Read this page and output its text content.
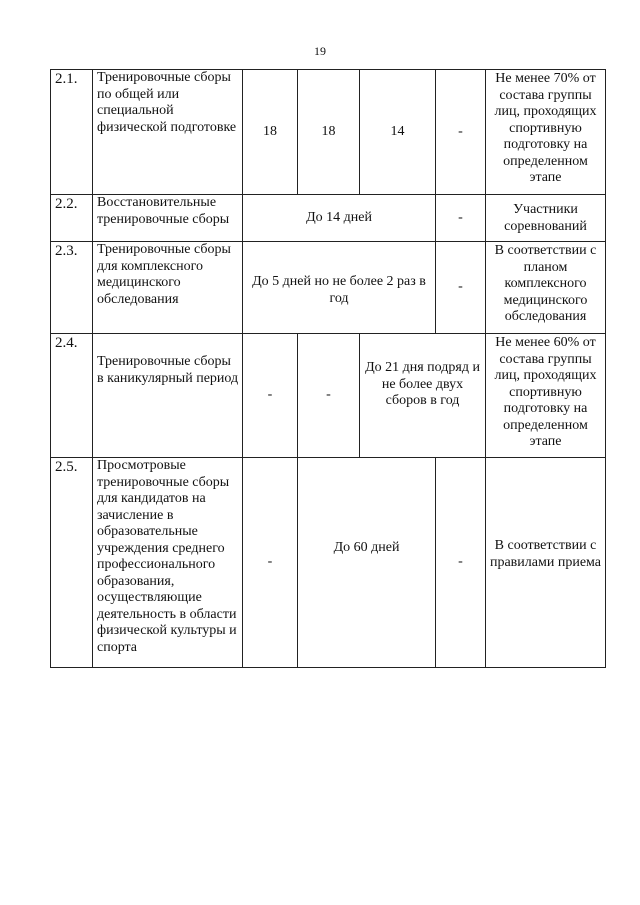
19
2.1.	Тренировочные сборы по общей или специальной физической подготовке	18	18	14	-	Не менее 70% от состава группы лиц, проходящих спортивную подготовку на определенном этапе
2.2.	Восстановительные тренировочные сборы	До 14 дней			-	Участники соревнований
2.3.	Тренировочные сборы для комплексного медицинского обследования	До 5 дней но не более 2 раз в год			-	В соответствии с планом комплексного медицинского обследования
2.4.	Тренировочные сборы в каникулярный период	-	-	До 21 дня подряд и не более двух сборов в год		Не менее 60% от состава группы лиц, проходящих спортивную подготовку на определенном этапе
2.5.	Просмотровые тренировочные сборы для кандидатов на зачисление в образовательные учреждения среднего профессионального образования, осуществляющие деятельность в области физической культуры и спорта	-	До 60 дней		-	В соответствии с правилами приема
